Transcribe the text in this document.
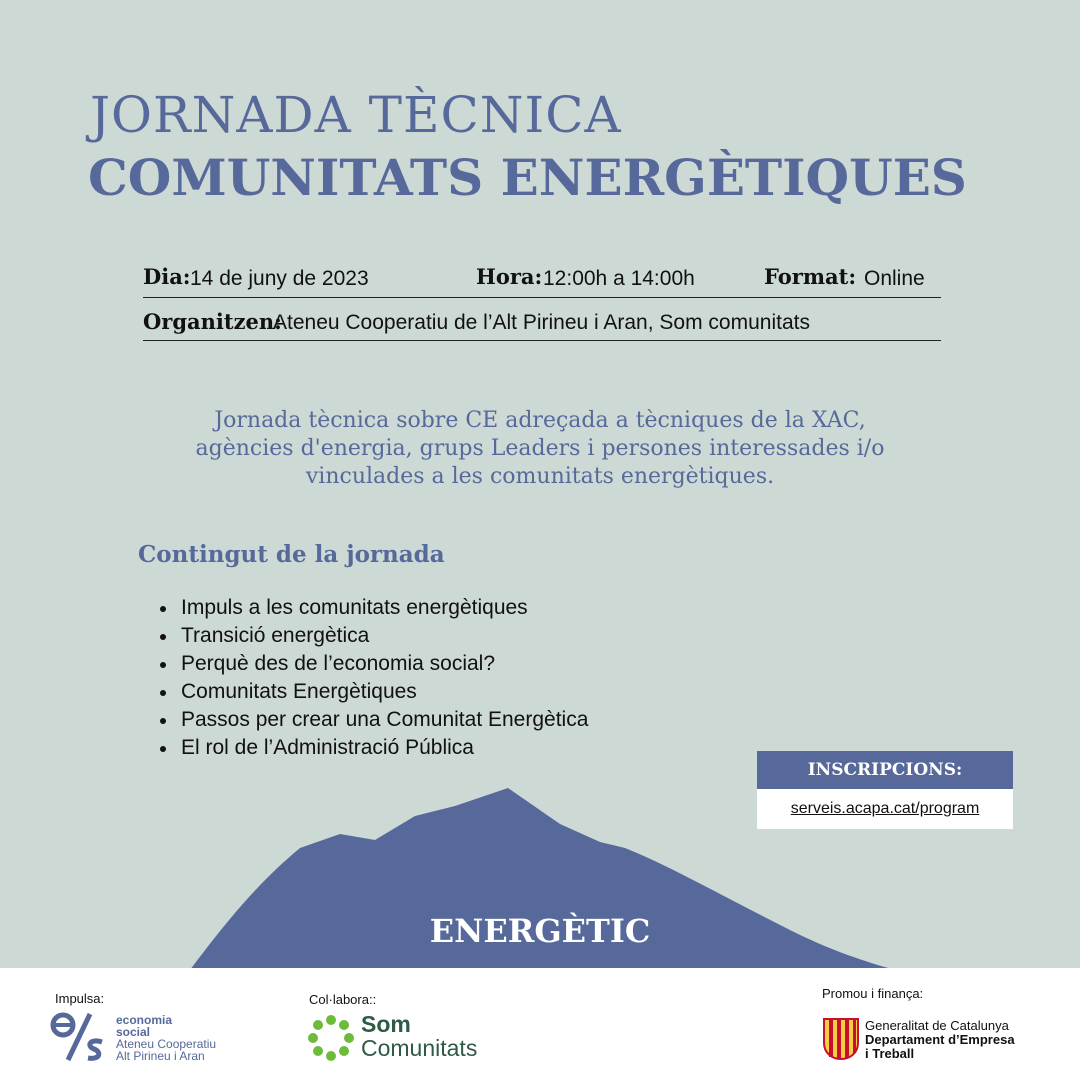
JORNADA TÈCNICA
COMUNITATS ENERGÈTIQUES
Dia: 14 de juny de 2023	Hora: 12:00h a 14:00h	Format: Online
Organitzen:
Ateneu Cooperatiu de l’Alt Pirineu i Aran, Som comunitats
Jornada tècnica sobre CE adreçada a tècniques de la XAC,
agències d'energia, grups Leaders i persones interessades i/o
vinculades a les comunitats energètiques.
Contingut de la jornada
Impuls a les comunitats energètiques
Transició energètica
Perquè des de l’economia social?
Comunitats Energètiques
Passos per crear una Comunitat Energètica
El rol de l’Administració Pública
ENERGÈTIC
INSCRIPCIONS:
serveis.acapa.cat/program
Impulsa:
economia
social
Ateneu Cooperatiu
Alt Pirineu i Aran
Col·labora::
Som
Comunitats
Promou i finança:
Generalitat de Catalunya
Departament d’Empresa
i Treball
